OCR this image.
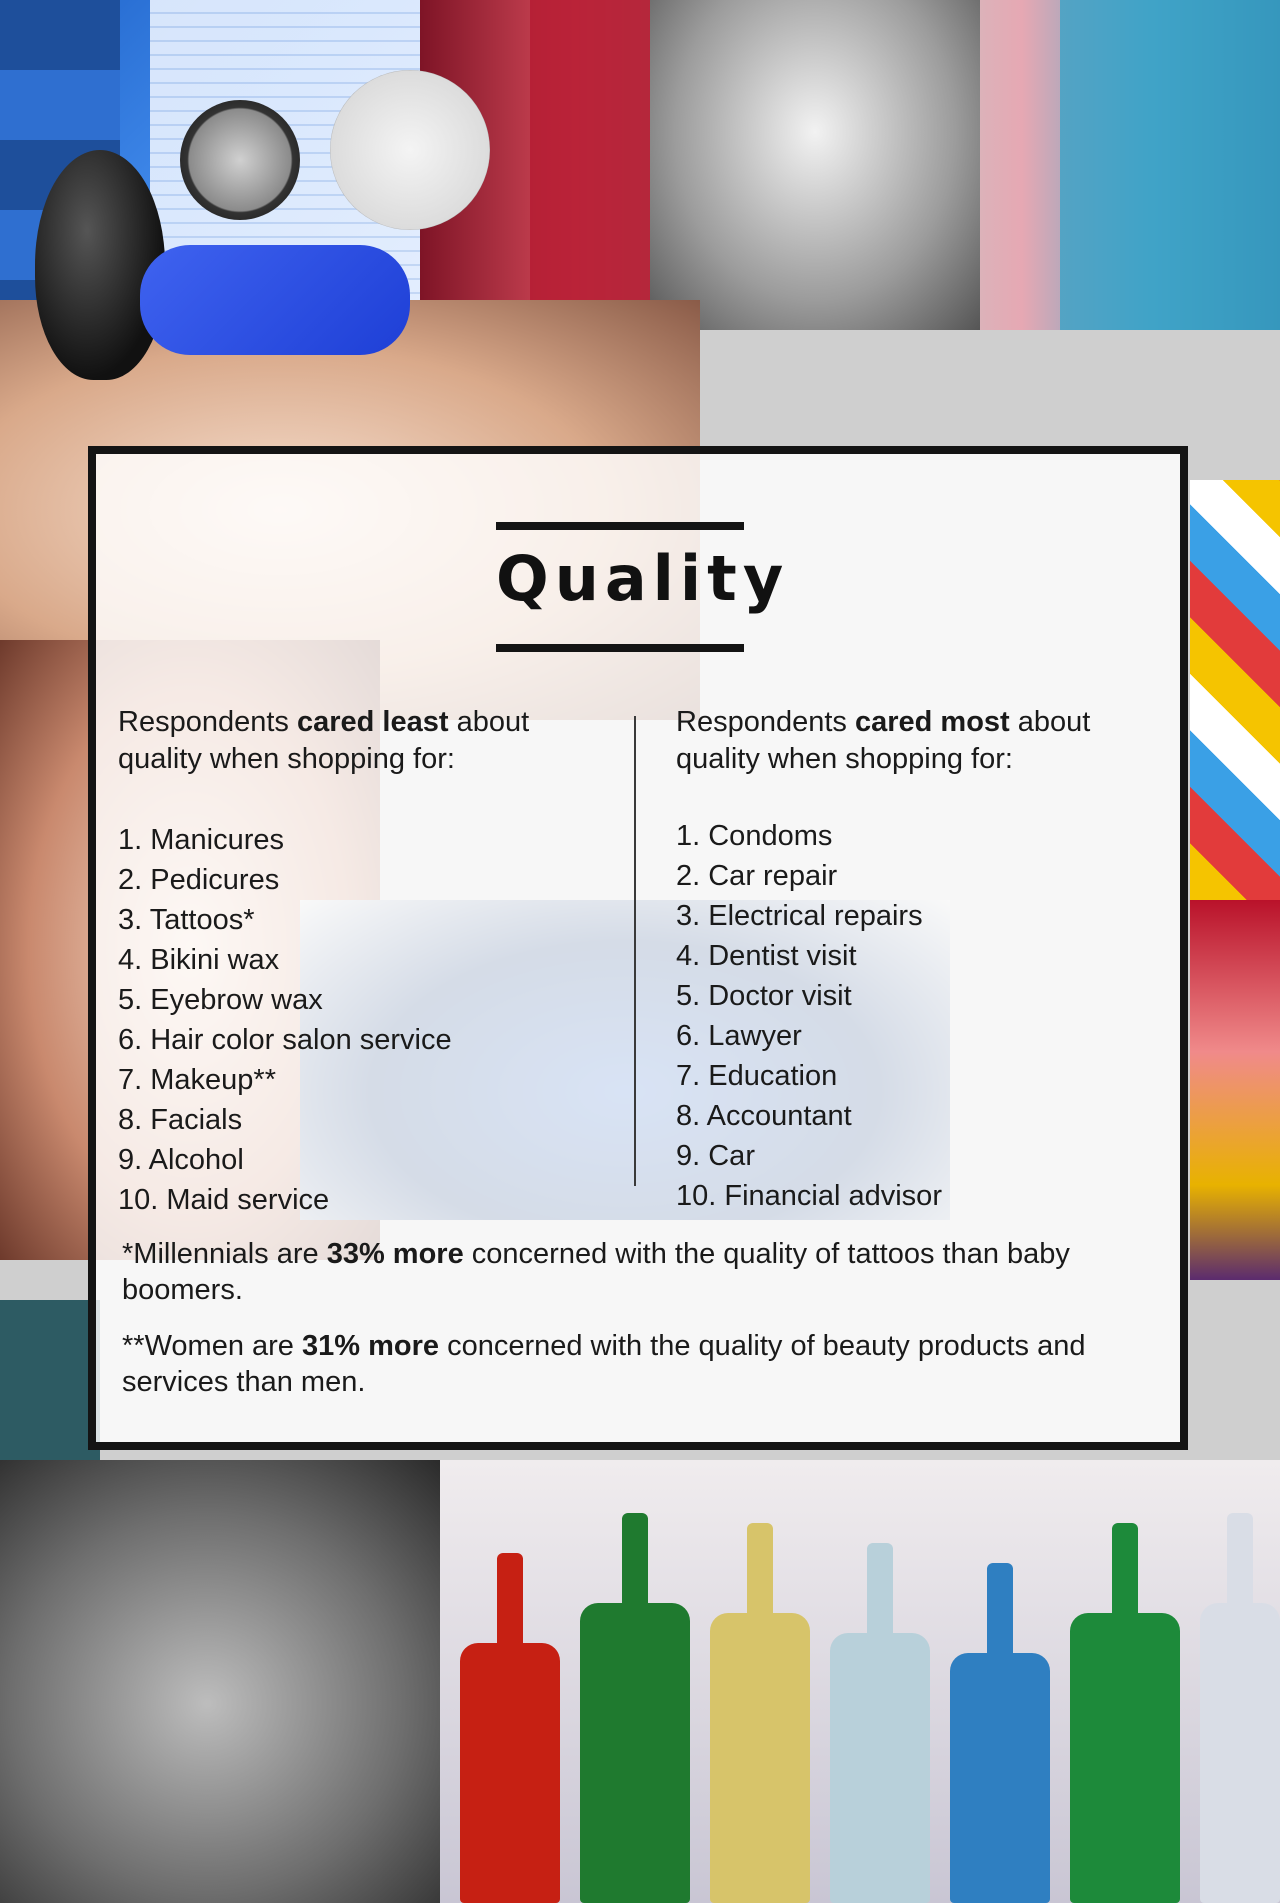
Quality

Respondents cared least about quality when shopping for:

1. Manicures
2. Pedicures
3. Tattoos*
4. Bikini wax
5. Eyebrow wax
6. Hair color salon service
7. Makeup**
8. Facials
9. Alcohol
10. Maid service

Respondents cared most about quality when shopping for:

1. Condoms
2. Car repair
3. Electrical repairs
4. Dentist visit
5. Doctor visit
6. Lawyer
7. Education
8. Accountant
9. Car
10. Financial advisor

*Millennials are 33% more concerned with the quality of tattoos than baby boomers.

**Women are 31% more concerned with the quality of beauty products and services than men.
